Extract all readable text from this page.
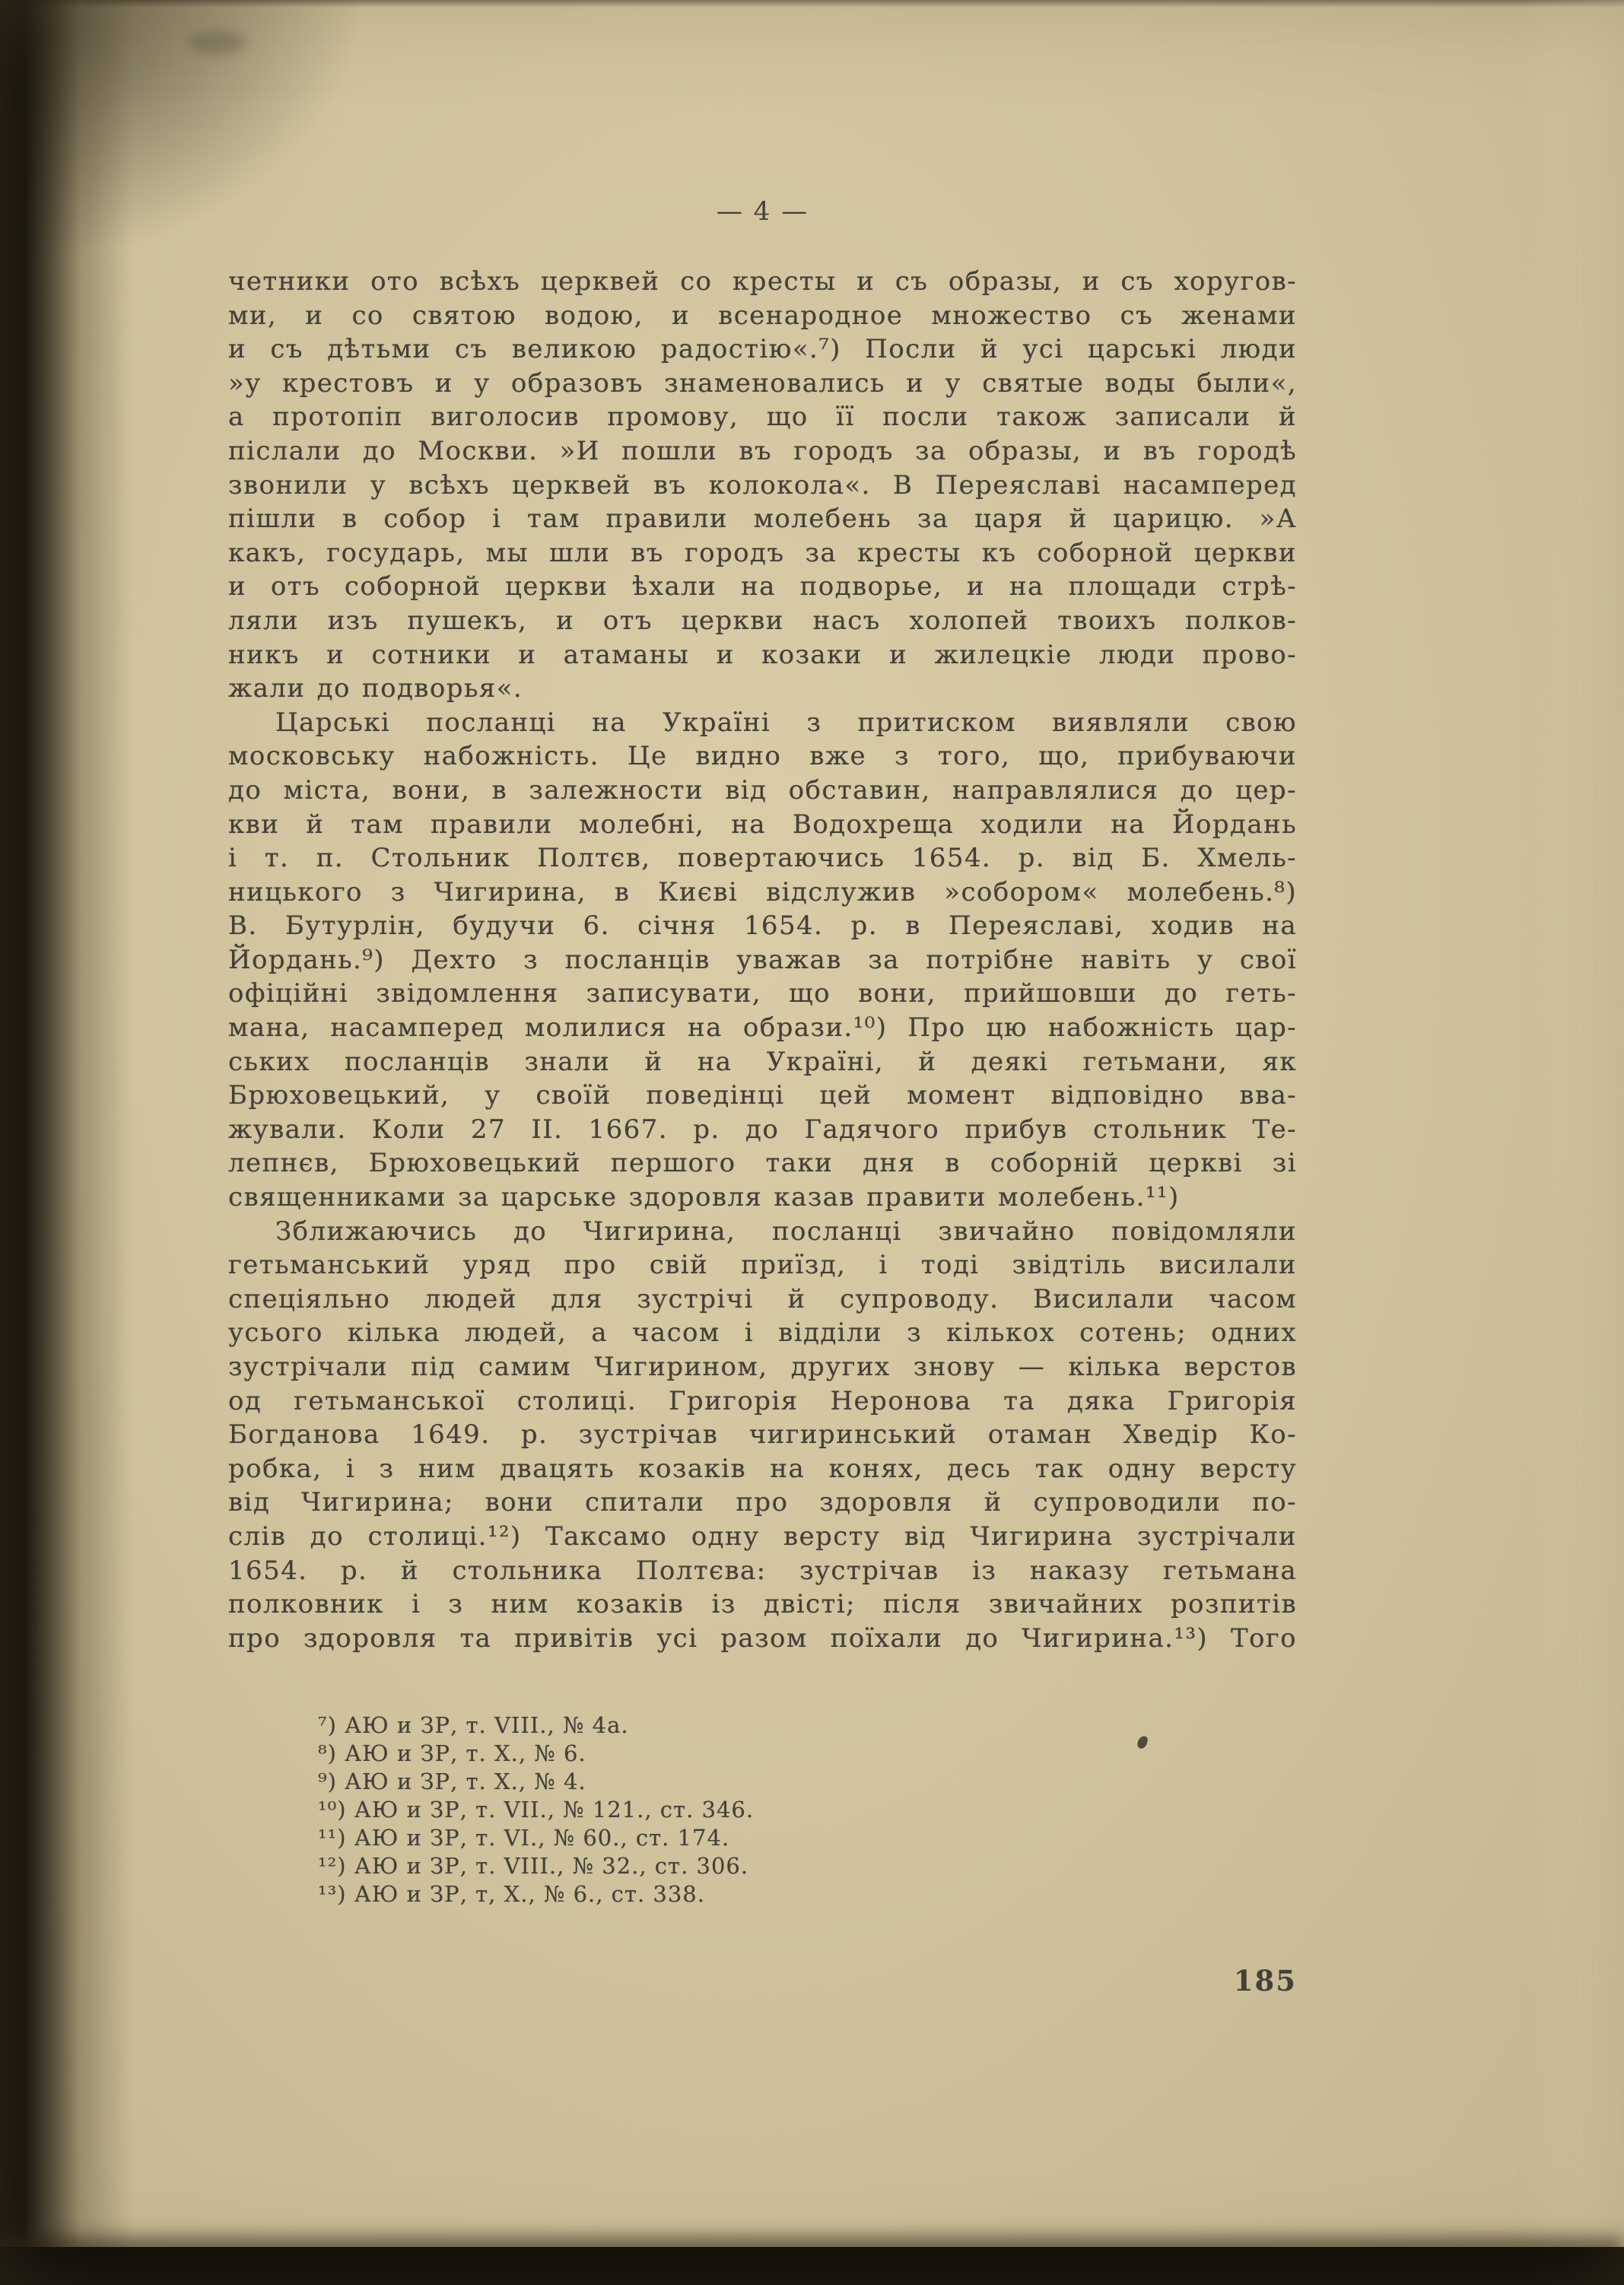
— 4 —
четники ото всѣхъ церквей со кресты и съ образы, и съ хоругов-
ми, и со святою водою, и всенародное множество съ женами
и съ дѣтьми съ великою радостію«.⁷) Посли й усі царські люди
»у крестовъ и у образовъ знаменовались и у святые воды были«,
а протопіп виголосив промову, що її посли також записали й
післали до Москви. »И пошли въ городъ за образы, и въ городѣ
звонили у всѣхъ церквей въ колокола«. В Переяславі насамперед
пішли в собор і там правили молебень за царя й царицю. »А
какъ, государь, мы шли въ городъ за кресты къ соборной церкви
и отъ соборной церкви ѣхали на подворье, и на площади стрѣ-
ляли изъ пушекъ, и отъ церкви насъ холопей твоихъ полков-
никъ и сотники и атаманы и козаки и жилецкіе люди прово-
жали до подворья«.
Царські посланці на Україні з притиском виявляли свою
московську набожність. Це видно вже з того, що, прибуваючи
до міста, вони, в залежности від обставин, направлялися до цер-
кви й там правили молебні, на Водохреща ходили на Йордань
і т. п. Стольник Полтєв, повертаючись 1654. р. від Б. Хмель-
ницького з Чигирина, в Києві відслужив »собором« молебень.⁸)
В. Бутурлін, будучи 6. січня 1654. р. в Переяславі, ходив на
Йордань.⁹) Дехто з посланців уважав за потрібне навіть у свої
офіційні звідомлення записувати, що вони, прийшовши до геть-
мана, насамперед молилися на образи.¹⁰) Про цю набожність цар-
ських посланців знали й на Україні, й деякі гетьмани, як
Брюховецький, у своїй поведінці цей момент відповідно вва-
жували. Коли 27 II. 1667. р. до Гадячого прибув стольник Те-
лепнєв, Брюховецький першого таки дня в соборній церкві зі
священниками за царське здоровля казав правити молебень.¹¹)
Зближаючись до Чигирина, посланці звичайно повідомляли
гетьманський уряд про свій приїзд, і тоді звідтіль висилали
спеціяльно людей для зустрічі й супроводу. Висилали часом
усього кілька людей, а часом і відділи з кількох сотень; одних
зустрічали під самим Чигирином, других знову — кілька верстов
од гетьманської столиці. Григорія Неронова та дяка Григорія
Богданова 1649. р. зустрічав чигиринський отаман Хведір Ко-
робка, і з ним двацять козаків на конях, десь так одну версту
від Чигирина; вони спитали про здоровля й супроводили по-
слів до столиці.¹²) Таксамо одну версту від Чигирина зустрічали
1654. р. й стольника Полтєва: зустрічав із наказу гетьмана
полковник і з ним козаків із двісті; після звичайних розпитів
про здоровля та привітів усі разом поїхали до Чигирина.¹³) Того
⁷) АЮ и ЗР, т. VIII., № 4а.
⁸) АЮ и ЗР, т. X., № 6.
⁹) АЮ и ЗР, т. X., № 4.
¹⁰) АЮ и ЗР, т. VII., № 121., ст. 346.
¹¹) АЮ и ЗР, т. VI., № 60., ст. 174.
¹²) АЮ и ЗР, т. VIII., № 32., ст. 306.
¹³) АЮ и ЗР, т, X., № 6., ст. 338.
185
